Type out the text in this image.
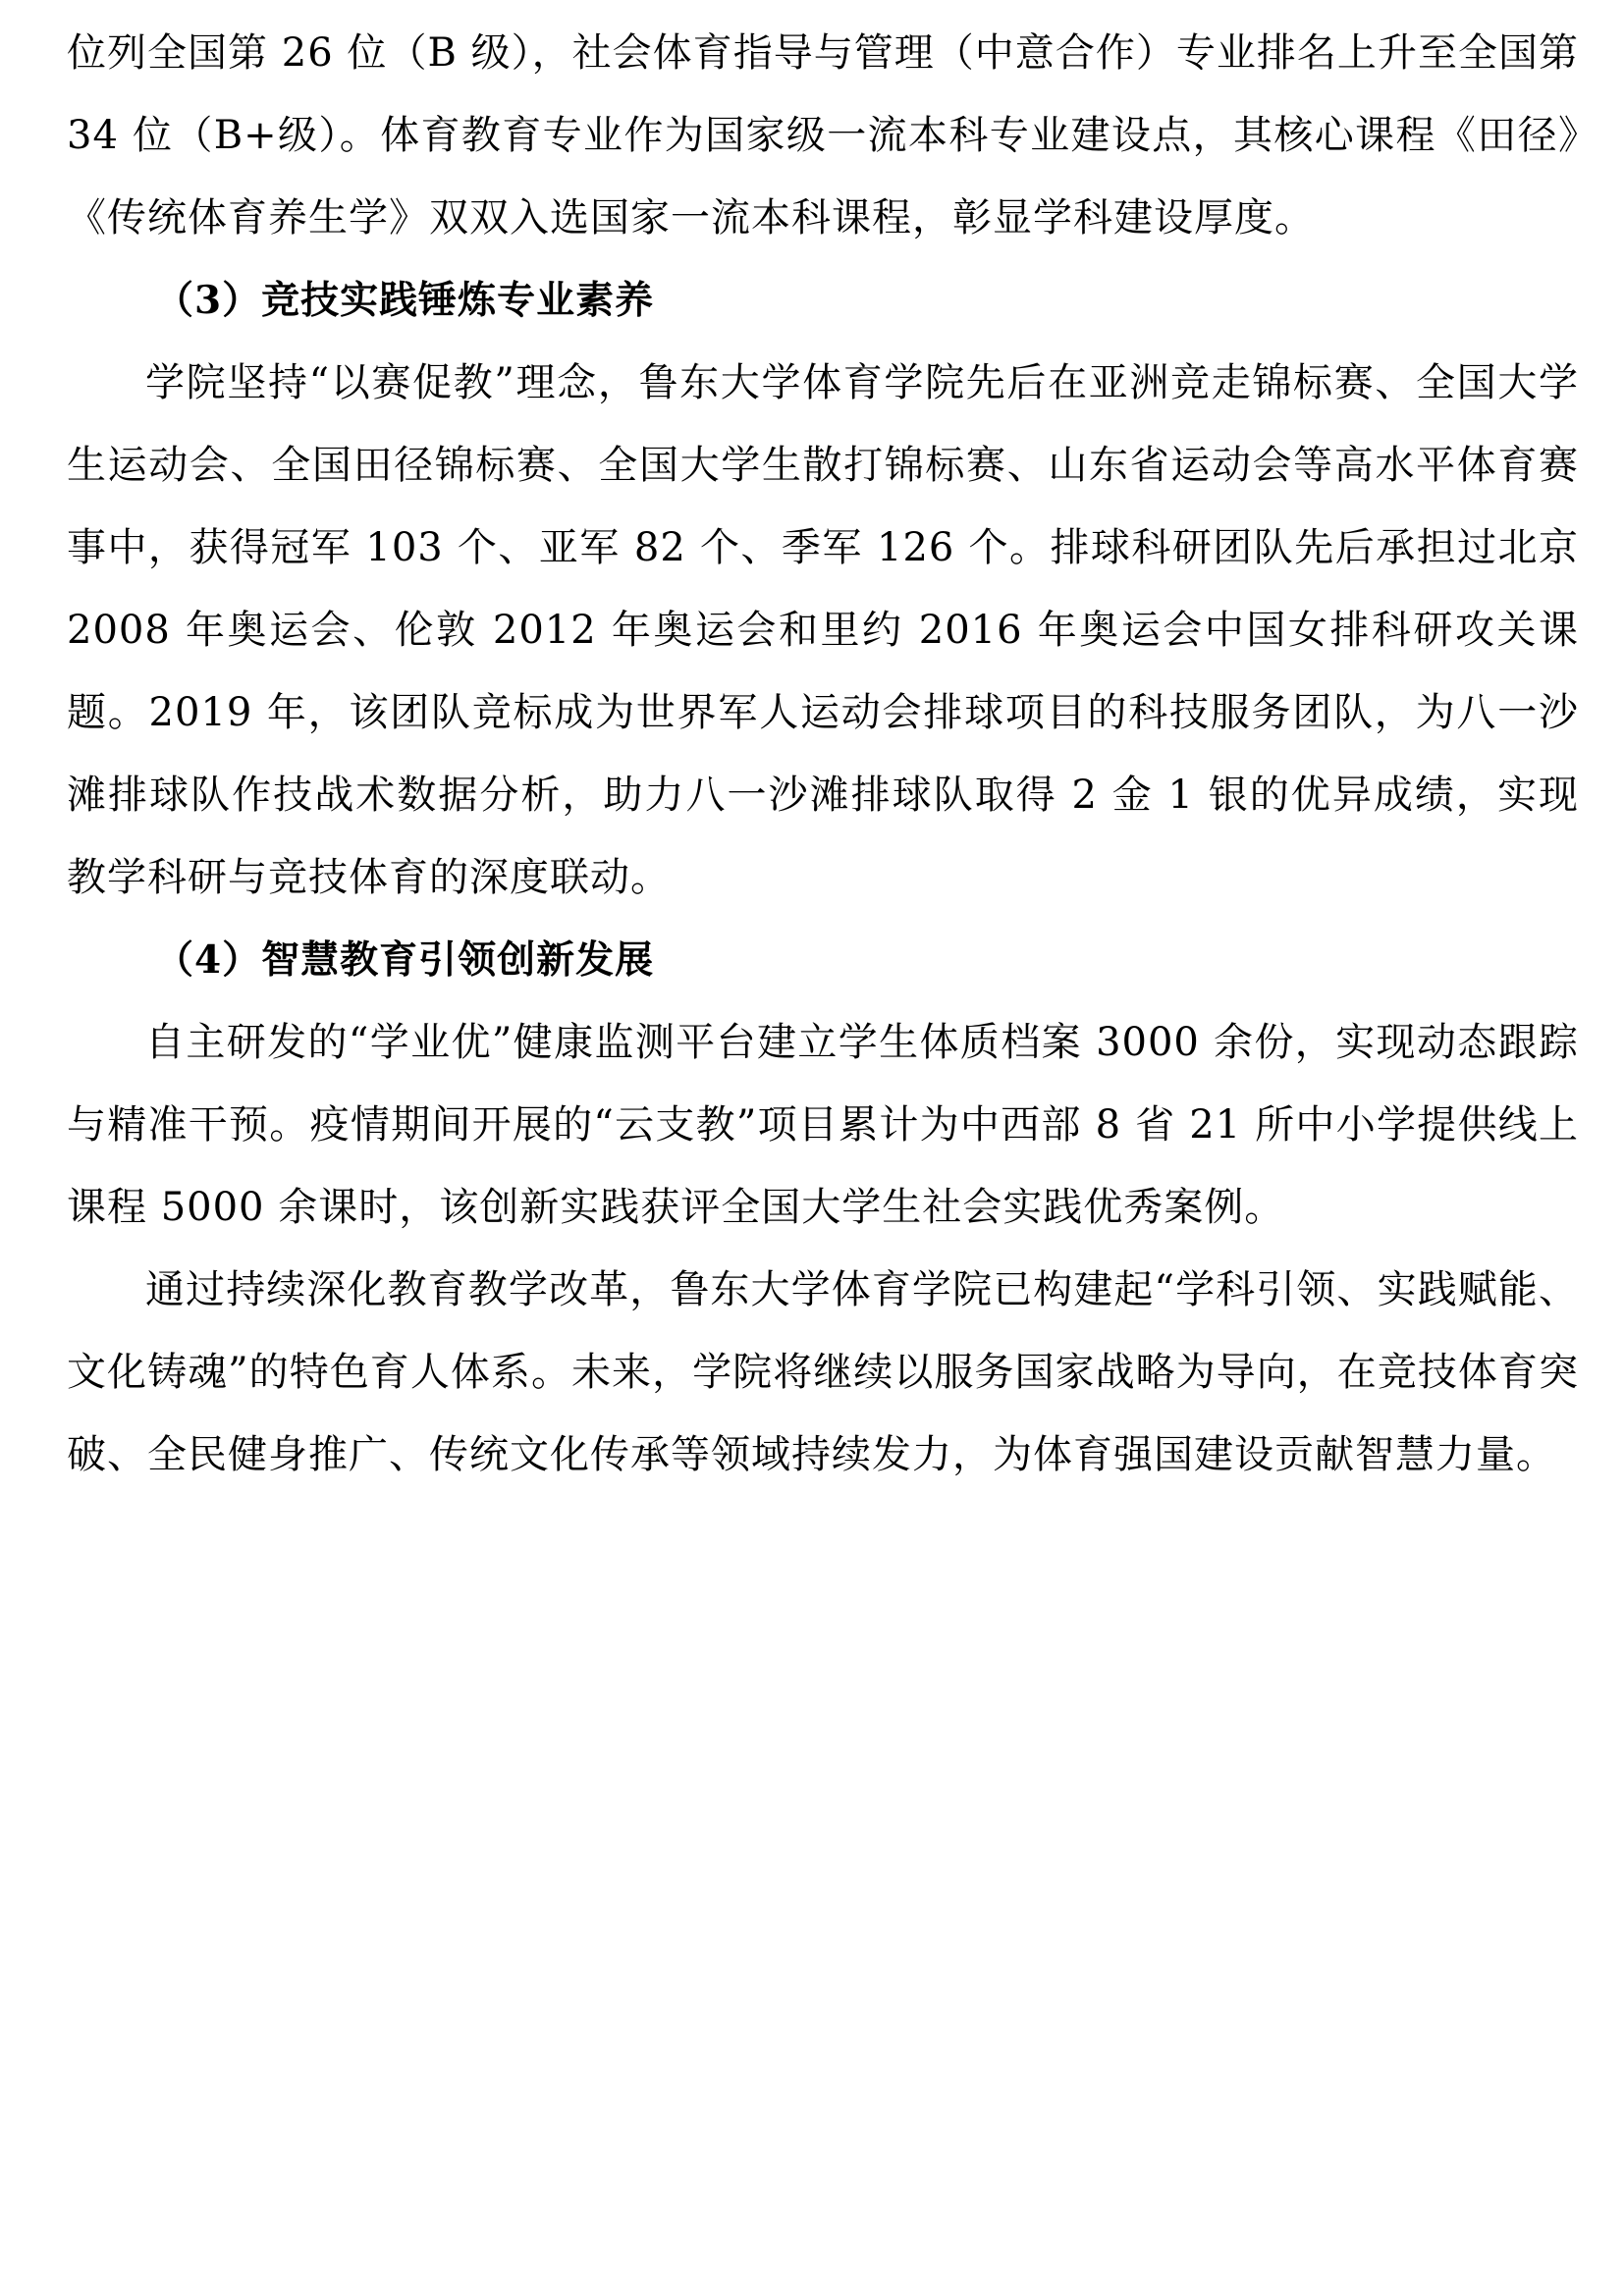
位列全国第 26 位（B 级），社会体育指导与管理（中意合作）专业排名上升至全国第 34 位（B+级）。体育教育专业作为国家级一流本科专业建设点，其核心课程《田径》《传统体育养生学》双双入选国家一流本科课程，彰显学科建设厚度。

（3）竞技实践锤炼专业素养

学院坚持“以赛促教”理念，鲁东大学体育学院先后在亚洲竞走锦标赛、全国大学生运动会、全国田径锦标赛、全国大学生散打锦标赛、山东省运动会等高水平体育赛事中，获得冠军 103 个、亚军 82 个、季军 126 个。排球科研团队先后承担过北京 2008 年奥运会、伦敦 2012 年奥运会和里约 2016 年奥运会中国女排科研攻关课题。2019 年，该团队竞标成为世界军人运动会排球项目的科技服务团队，为八一沙滩排球队作技战术数据分析，助力八一沙滩排球队取得 2 金 1 银的优异成绩，实现教学科研与竞技体育的深度联动。

（4）智慧教育引领创新发展

自主研发的“学业优”健康监测平台建立学生体质档案 3000 余份，实现动态跟踪与精准干预。疫情期间开展的“云支教”项目累计为中西部 8 省 21 所中小学提供线上课程 5000 余课时，该创新实践获评全国大学生社会实践优秀案例。

通过持续深化教育教学改革，鲁东大学体育学院已构建起“学科引领、实践赋能、文化铸魂”的特色育人体系。未来，学院将继续以服务国家战略为导向，在竞技体育突破、全民健身推广、传统文化传承等领域持续发力，为体育强国建设贡献智慧力量。
